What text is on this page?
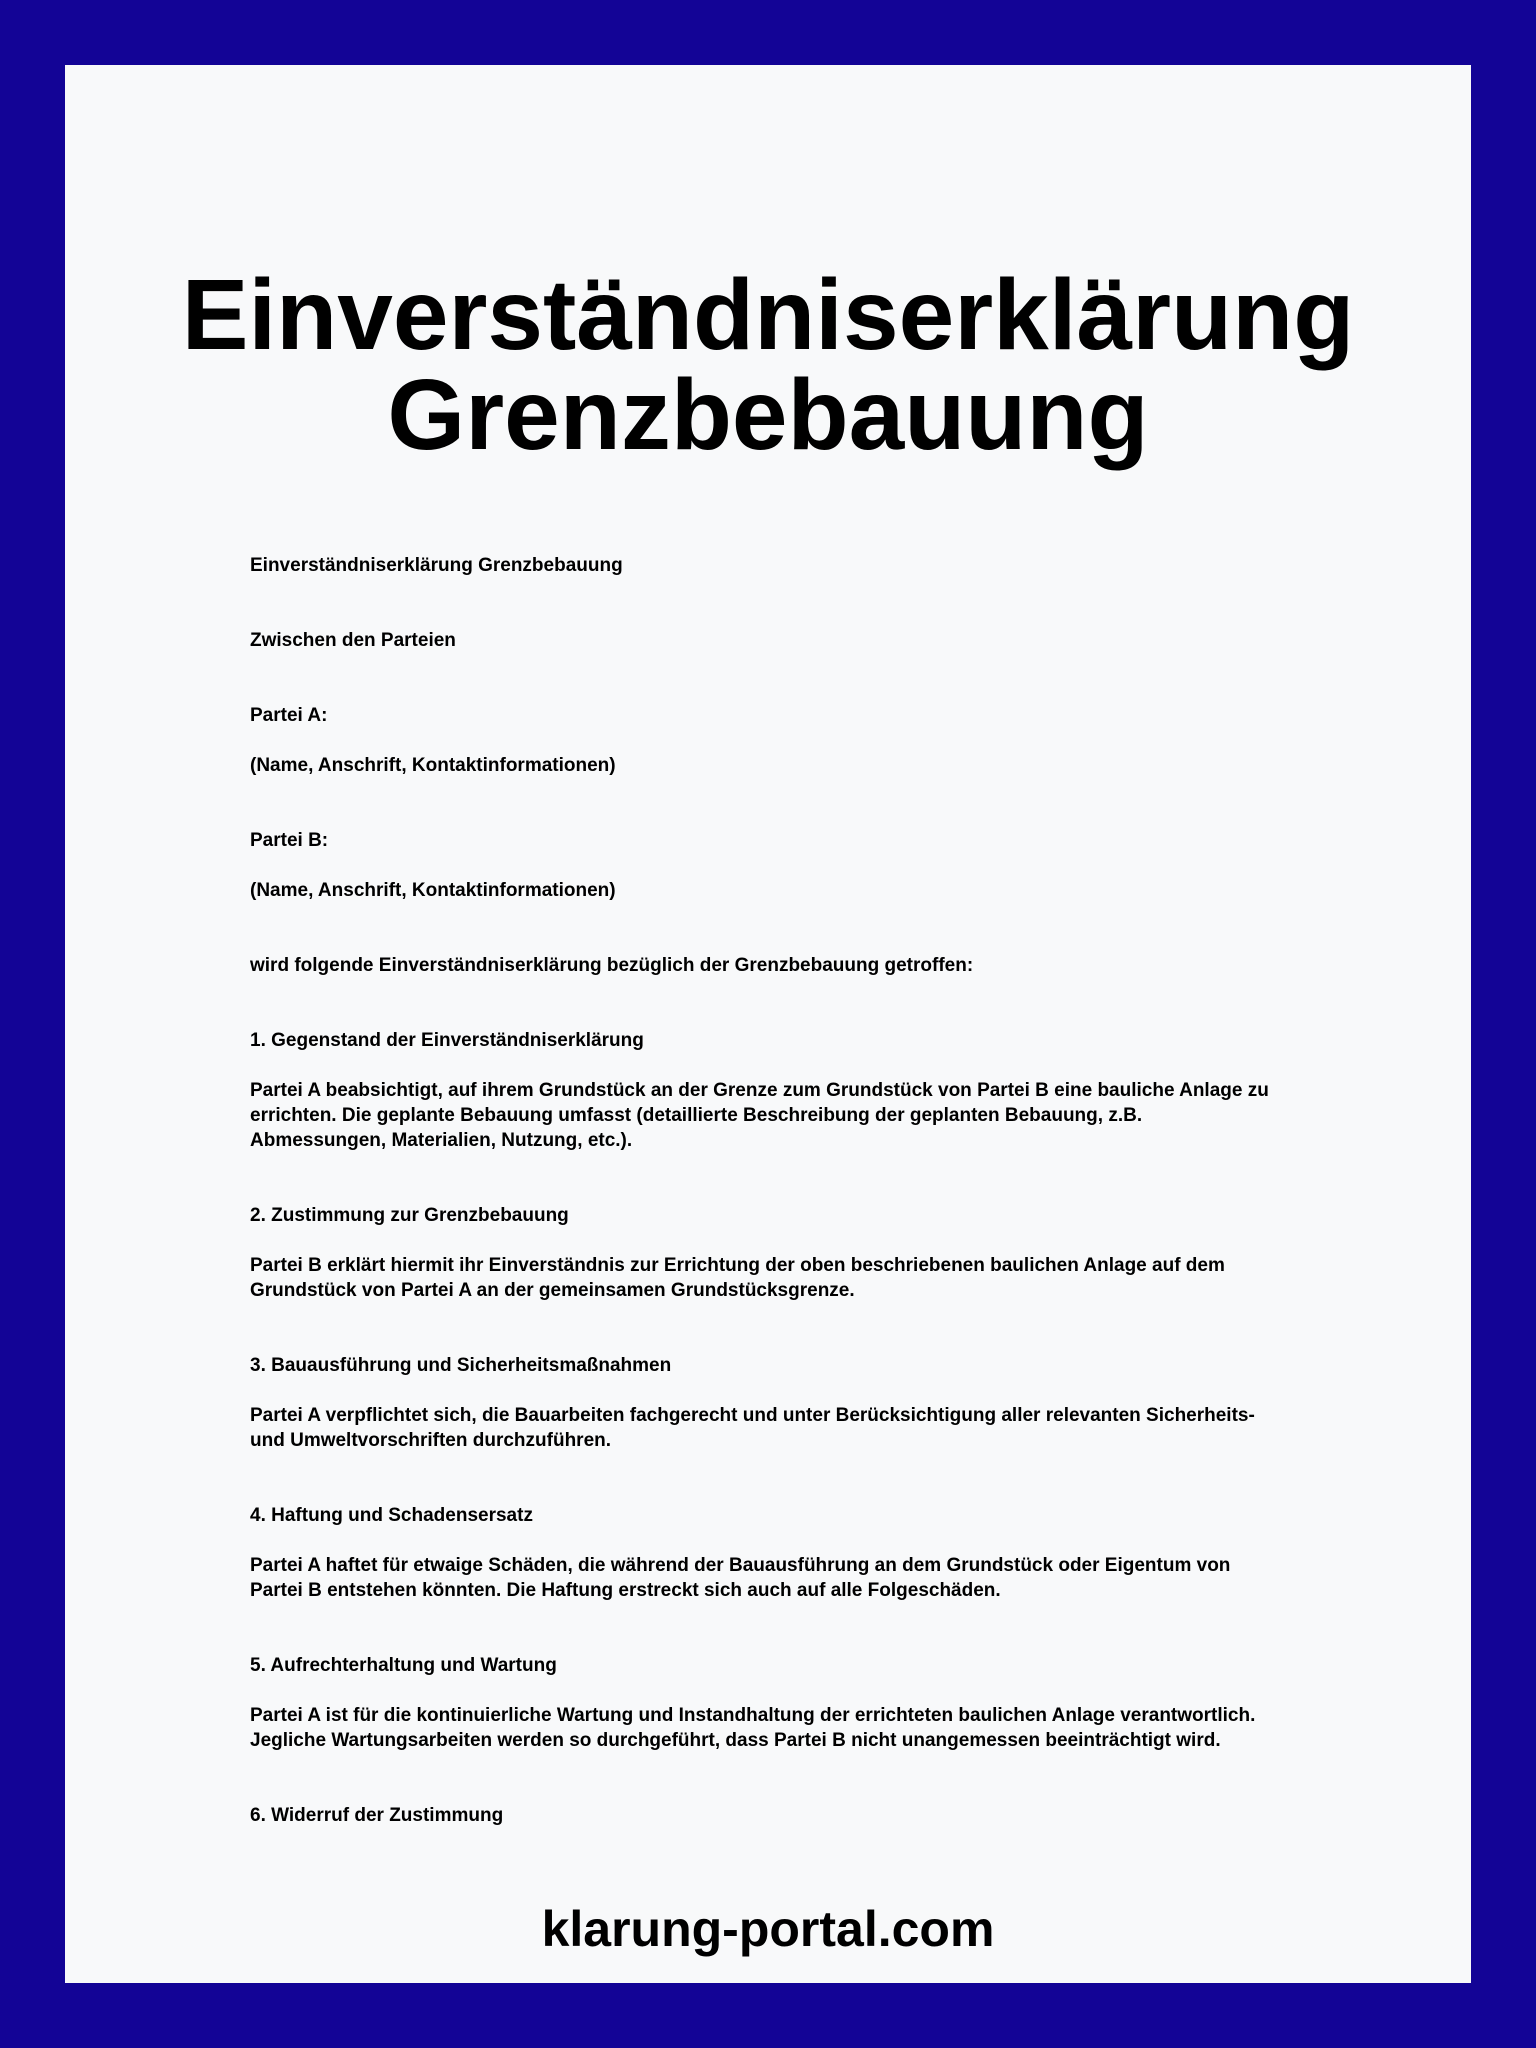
Einverständniserklärung
Grenzbebauung

Einverständniserklärung Grenzbebauung

Zwischen den Parteien

Partei A:

(Name, Anschrift, Kontaktinformationen)

Partei B:

(Name, Anschrift, Kontaktinformationen)

wird folgende Einverständniserklärung bezüglich der Grenzbebauung getroffen:

1. Gegenstand der Einverständniserklärung

Partei A beabsichtigt, auf ihrem Grundstück an der Grenze zum Grundstück von Partei B eine bauliche Anlage zu errichten. Die geplante Bebauung umfasst (detaillierte Beschreibung der geplanten Bebauung, z.B. Abmessungen, Materialien, Nutzung, etc.).

2. Zustimmung zur Grenzbebauung

Partei B erklärt hiermit ihr Einverständnis zur Errichtung der oben beschriebenen baulichen Anlage auf dem Grundstück von Partei A an der gemeinsamen Grundstücksgrenze.

3. Bauausführung und Sicherheitsmaßnahmen

Partei A verpflichtet sich, die Bauarbeiten fachgerecht und unter Berücksichtigung aller relevanten Sicherheits- und Umweltvorschriften durchzuführen.

4. Haftung und Schadensersatz

Partei A haftet für etwaige Schäden, die während der Bauausführung an dem Grundstück oder Eigentum von Partei B entstehen könnten. Die Haftung erstreckt sich auch auf alle Folgeschäden.

5. Aufrechterhaltung und Wartung

Partei A ist für die kontinuierliche Wartung und Instandhaltung der errichteten baulichen Anlage verantwortlich. Jegliche Wartungsarbeiten werden so durchgeführt, dass Partei B nicht unangemessen beeinträchtigt wird.

6. Widerruf der Zustimmung

klarung-portal.com
